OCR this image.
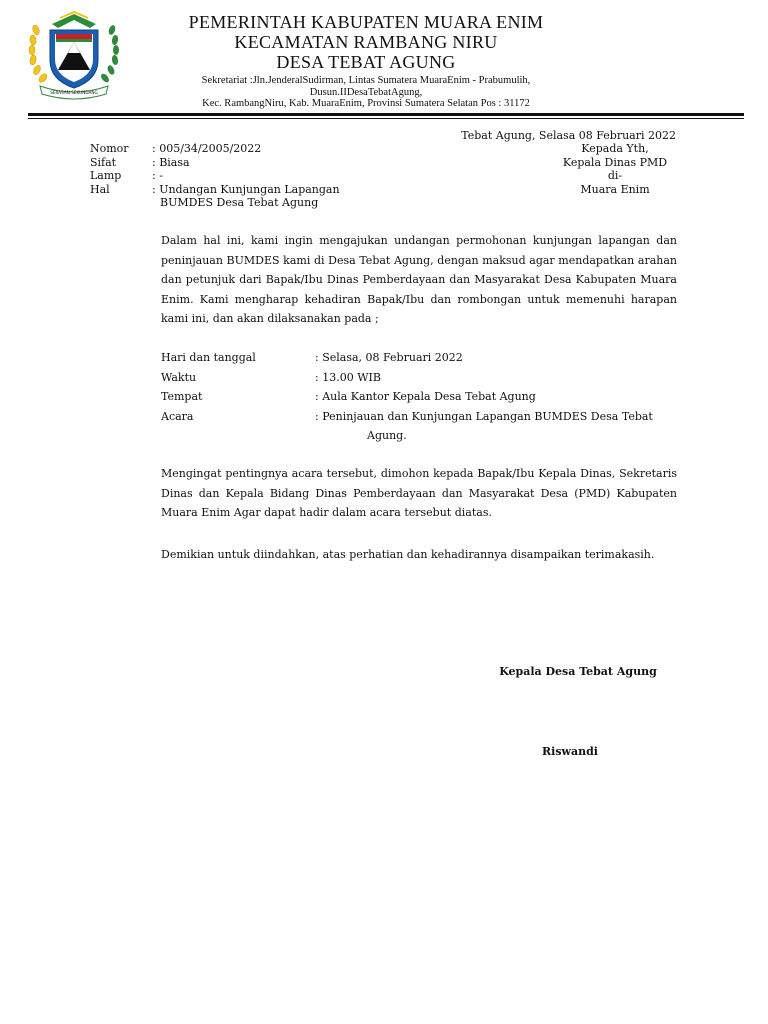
SERASAN SEKUNDANG
PEMERINTAH KABUPATEN MUARA ENIM
KECAMATAN RAMBANG NIRU
DESA TEBAT AGUNG
Sekretariat :Jln.JenderalSudirman, Lintas Sumatera MuaraEnim - Prabumulih,
Dusun.IIDesaTebatAgung,
Kec. RambangNiru, Kab. MuaraEnim, Provinsi Sumatera Selatan Pos : 31172
Tebat Agung, Selasa 08 Februari 2022
Nomor	: 005/34/2005/2022
Sifat	: Biasa
Lamp	: -
Hal	: Undangan Kunjungan Lapangan
BUMDES Desa Tebat Agung
Kepada Yth,
Kepala Dinas PMD
di-
Muara Enim
Dalam hal ini, kami ingin mengajukan undangan permohonan kunjungan lapangan dan peninjauan BUMDES kami di Desa Tebat Agung, dengan maksud agar mendapatkan arahan dan petunjuk dari Bapak/Ibu Dinas Pemberdayaan dan Masyarakat Desa Kabupaten Muara Enim. Kami mengharap kehadiran Bapak/Ibu dan rombongan untuk memenuhi harapan kami ini, dan akan dilaksanakan pada ;
Hari dan tanggal	: Selasa, 08 Februari 2022
Waktu	: 13.00 WIB
Tempat	: Aula Kantor Kepala Desa Tebat Agung
Acara	: Peninjauan dan Kunjungan Lapangan BUMDES Desa Tebat
Agung.
Mengingat pentingnya acara tersebut, dimohon kepada Bapak/Ibu Kepala Dinas, Sekretaris Dinas dan Kepala Bidang Dinas Pemberdayaan dan Masyarakat Desa (PMD) Kabupaten Muara Enim Agar dapat hadir dalam acara tersebut diatas.
Demikian untuk diindahkan, atas perhatian dan kehadirannya disampaikan terimakasih.
Kepala Desa Tebat Agung
Riswandi
